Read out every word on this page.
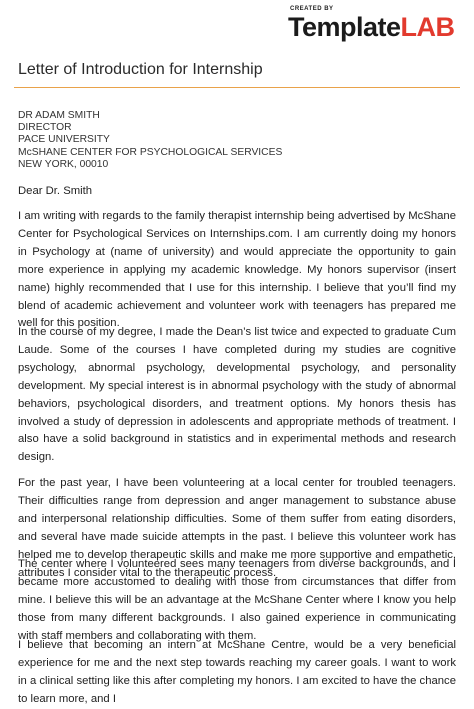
CREATED BY
TemplateLAB
Letter of Introduction for Internship
DR ADAM SMITH
DIRECTOR
PACE UNIVERSITY
MᴄSHANE CENTER FOR PSYCHOLOGICAL SERVICES
NEW YORK, 00010
Dear Dr. Smith

I am writing with regards to the family therapist internship being advertised by McShane Center for Psychological Services on Internships.com. I am currently doing my honors in Psychology at (name of university) and would appreciate the opportunity to gain more experience in applying my academic knowledge. My honors supervisor (insert name) highly recommended that I use for this internship. I believe that you’ll find my blend of academic achievement and volunteer work with teenagers has prepared me well for this position.

In the course of my degree, I made the Dean’s list twice and expected to graduate Cum Laude. Some of the courses I have completed during my studies are cognitive psychology, abnormal psychology, developmental psychology, and personality development. My special interest is in abnormal psychology with the study of abnormal behaviors, psychological disorders, and treatment options. My honors thesis has involved a study of depression in adolescents and appropriate methods of treatment. I also have a solid background in statistics and in experimental methods and research design.

For the past year, I have been volunteering at a local center for troubled teenagers. Their difficulties range from depression and anger management to substance abuse and interpersonal relationship difficulties. Some of them suffer from eating disorders, and several have made suicide attempts in the past. I believe this volunteer work has helped me to develop therapeutic skills and make me more supportive and empathetic, attributes I consider vital to the therapeutic process.

The center where I volunteered sees many teenagers from diverse backgrounds, and I became more accustomed to dealing with those from circumstances that differ from mine. I believe this will be an advantage at the McShane Center where I know you help those from many different backgrounds. I also gained experience in communicating with staff members and collaborating with them.

I believe that becoming an intern at McShane Centre, would be a very beneficial experience for me and the next step towards reaching my career goals. I want to work in a clinical setting like this after completing my honors. I am excited to have the chance to learn more, and I
